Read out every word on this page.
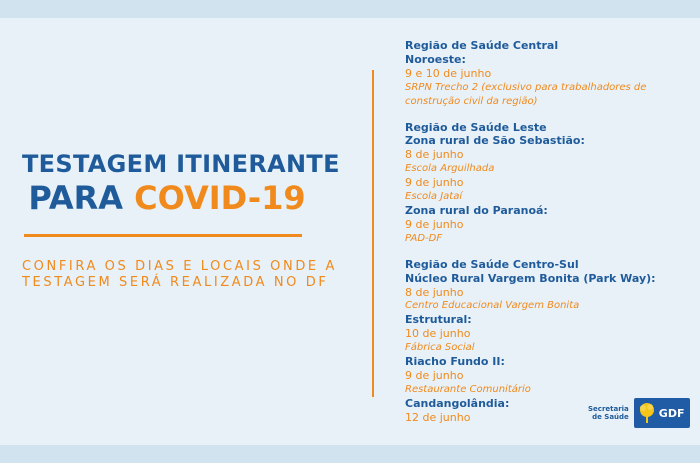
TESTAGEM ITINERANTE
PARA COVID-19
CONFIRA OS DIAS E LOCAIS ONDE A TESTAGEM SERÁ REALIZADA NO DF
Região de Saúde Central
Noroeste:
9 e 10 de junho
SRPN Trecho 2 (exclusivo para trabalhadores de construção civil da região)
Região de Saúde Leste
Zona rural de São Sebastião:
8 de junho
Escola Arguilhada
9 de junho
Escola Jataí
Zona rural do Paranoá:
9 de junho
PAD-DF
Região de Saúde Centro-Sul
Núcleo Rural Vargem Bonita (Park Way):
8 de junho
Centro Educacional Vargem Bonita
Estrutural:
10 de junho
Fábrica Social
Riacho Fundo II:
9 de junho
Restaurante Comunitário
Candangolândia:
12 de junho
Secretaria
de Saúde	GDF
